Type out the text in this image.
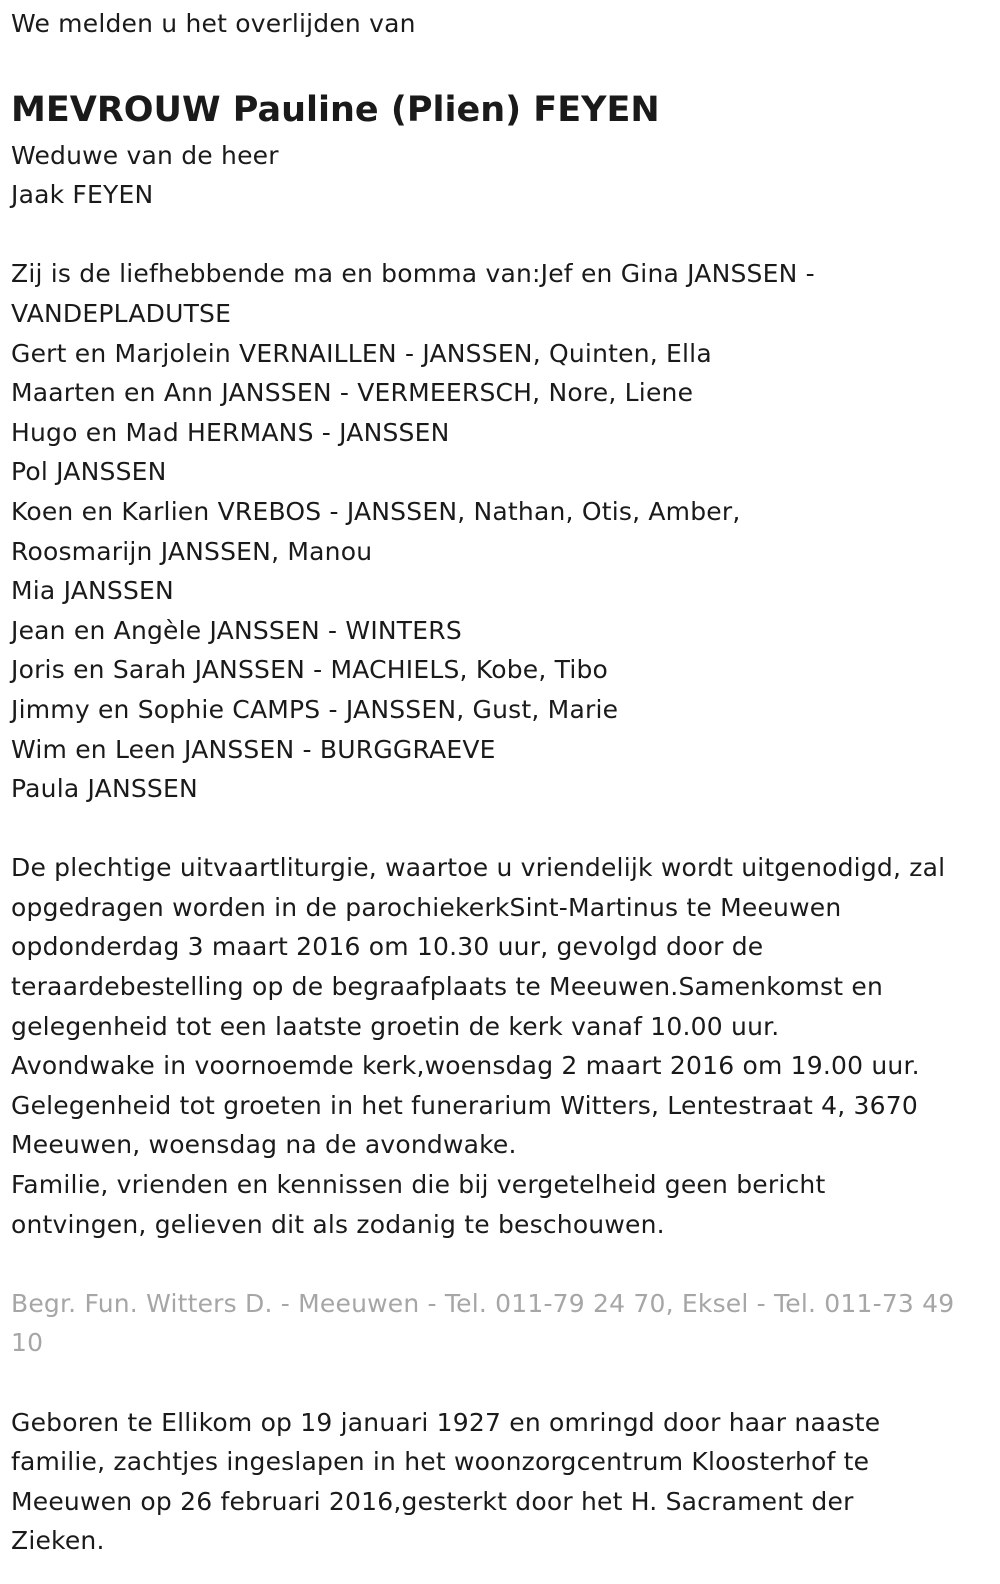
We melden u het overlijden van

MEVROUW Pauline (Plien) FEYEN

Weduwe van de heer

Jaak FEYEN

Zij is de liefhebbende ma en bomma van:Jef en Gina JANSSEN -

VANDEPLADUTSE

Gert en Marjolein VERNAILLEN - JANSSEN, Quinten, Ella

Maarten en Ann JANSSEN - VERMEERSCH, Nore, Liene

Hugo en Mad HERMANS - JANSSEN

Pol JANSSEN

Koen en Karlien VREBOS - JANSSEN, Nathan, Otis, Amber,

Roosmarijn JANSSEN, Manou

Mia JANSSEN

Jean en Angèle JANSSEN - WINTERS

Joris en Sarah JANSSEN - MACHIELS, Kobe, Tibo

Jimmy en Sophie CAMPS - JANSSEN, Gust, Marie

Wim en Leen JANSSEN - BURGGRAEVE

Paula JANSSEN

De plechtige uitvaartliturgie, waartoe u vriendelijk wordt uitgenodigd, zal

opgedragen worden in de parochiekerkSint-Martinus te Meeuwen

opdonderdag 3 maart 2016 om 10.30 uur, gevolgd door de

teraardebestelling op de begraafplaats te Meeuwen.Samenkomst en

gelegenheid tot een laatste groetin de kerk vanaf 10.00 uur.

Avondwake in voornoemde kerk,woensdag 2 maart 2016 om 19.00 uur.

Gelegenheid tot groeten in het funerarium Witters, Lentestraat 4, 3670

Meeuwen, woensdag na de avondwake.

Familie, vrienden en kennissen die bij vergetelheid geen bericht

ontvingen, gelieven dit als zodanig te beschouwen.

Begr. Fun. Witters D. - Meeuwen - Tel. 011-79 24 70, Eksel - Tel. 011-73 49

10

Geboren te Ellikom op 19 januari 1927 en omringd door haar naaste

familie, zachtjes ingeslapen in het woonzorgcentrum Kloosterhof te

Meeuwen op 26 februari 2016,gesterkt door het H. Sacrament der

Zieken.
